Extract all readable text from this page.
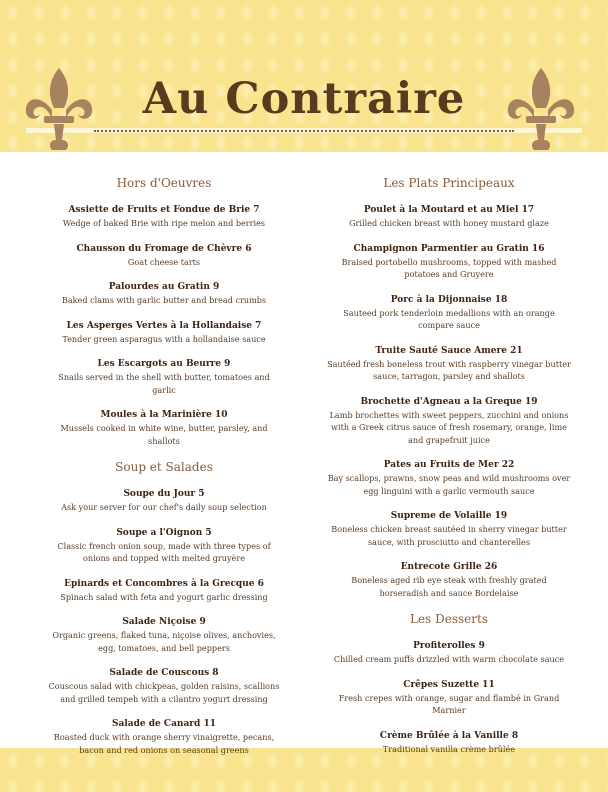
Au Contraire
Hors d'Oeuvres
Assiette de Fruits et Fondue de Brie 7
Wedge of baked Brie with ripe melon and berries
Chausson du Fromage de Chèvre 6
Goat cheese tarts
Palourdes au Gratin 9
Baked clams with garlic butter and bread crumbs
Les Asperges Vertes à la Hollandaise 7
Tender green asparagus with a hollandaise sauce
Les Escargots au Beurre 9
Snails served in the shell with butter, tomatoes and garlic
Moules à la Marinière 10
Mussels cooked in white wine, butter, parsley, and shallots
Soup et Salades
Soupe du Jour 5
Ask your server for our chef's daily soup selection
Soupe a l'Oignon 5
Classic french onion soup, made with three types of onions and topped with melted gruyère
Epinards et Concombres à la Grecque 6
Spinach salad with feta and yogurt garlic dressing
Salade Niçoise 9
Organic greens, flaked tuna, niçoise olives, anchovies, egg, tomatoes, and bell peppers
Salade de Couscous 8
Couscous salad with chickpeas, golden raisins, scallions and grilled tempeh with a cilantro yogurt dressing
Salade de Canard 11
Roasted duck with orange sherry vinaigrette, pecans, bacon and red onions on seasonal greens
Les Plats Principeaux
Poulet à la Moutard et au Miel 17
Grilled chicken breast with honey mustard glaze
Champignon Parmentier au Gratin 16
Braised portobello mushrooms, topped with mashed potatoes and Gruyere
Porc à la Dijonnaise 18
Sauteed pork tenderloin medallions with an orange compare sauce
Truite Sauté Sauce Amere 21
Sautéed fresh boneless trout with raspberry vinegar butter sauce, tarragon, parsley and shallots
Brochette d'Agneau a la Greque 19
Lamb brochettes with sweet peppers, zucchini and onions with a Greek citrus sauce of fresh rosemary, orange, lime and grapefruit juice
Pates au Fruits de Mer 22
Bay scallops, prawns, snow peas and wild mushrooms over egg linguini with a garlic vermouth sauce
Supreme de Volaille 19
Boneless chicken breast sautéed in sherry vinegar butter sauce, with prosciutto and chanterelles
Entrecote Grille 26
Boneless aged rib eye steak with freshly grated horseradish and sauce Bordelaise
Les Desserts
Profiterolles 9
Chilled cream puffs drizzled with warm chocolate sauce
Crêpes Suzette 11
Fresh crepes with orange, sugar and flambé in Grand Marnier
Crème Brûlée à la Vanille 8
Traditional vanilla crème brûlée
